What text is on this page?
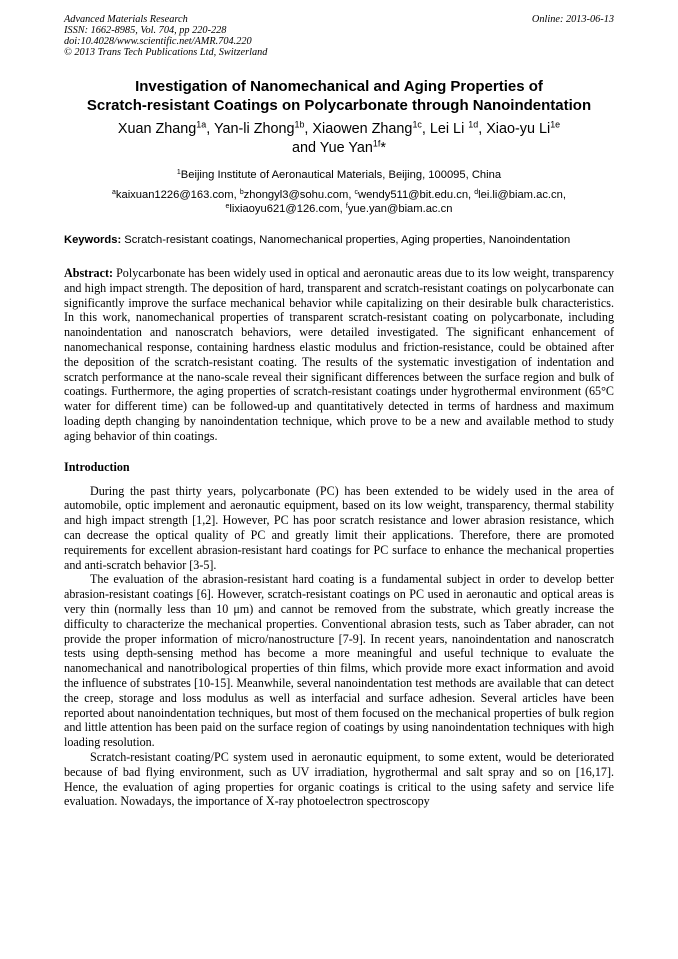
Advanced Materials Research
ISSN: 1662-8985, Vol. 704, pp 220-228
doi:10.4028/www.scientific.net/AMR.704.220
© 2013 Trans Tech Publications Ltd, Switzerland
Online: 2013-06-13
Investigation of Nanomechanical and Aging Properties of
Scratch-resistant Coatings on Polycarbonate through Nanoindentation
Xuan Zhang$^{1a}$, Yan-li Zhong$^{1b}$, Xiaowen Zhang$^{1c}$, Lei Li $^{1d}$, Xiao-yu $Li^{1e}$
and Yue Yan$^{1f}$*
$^1$Beijing Institute of Aeronautical Materials, Beijing, 100095, China
$^a$kaixuan1226@163.com, $^b$zhongyl3@sohu.com, $^c$wendy511@bit.edu.cn, $^d$lei.li@biam.ac.cn,
$^e$lixiaoyu621@126.com, $^f$yue.yan@biam.ac.cn
Keywords: Scratch-resistant coatings, Nanomechanical properties, Aging properties, Nanoindentation
Abstract: Polycarbonate has been widely used in optical and aeronautic areas due to its low weight, transparency and high impact strength. The deposition of hard, transparent and scratch-resistant coatings on polycarbonate can significantly improve the surface mechanical behavior while capitalizing on their desirable bulk characteristics. In this work, nanomechanical properties of transparent scratch-resistant coating on polycarbonate, including nanoindentation and nanoscratch behaviors, were detailed investigated. The significant enhancement of nanomechanical response, containing hardness elastic modulus and friction-resistance, could be obtained after the deposition of the scratch-resistant coating. The results of the systematic investigation of indentation and scratch performance at the nano-scale reveal their significant differences between the surface region and bulk of coatings. Furthermore, the aging properties of scratch-resistant coatings under hygrothermal environment (65°C water for different time) can be followed-up and quantitatively detected in terms of hardness and maximum loading depth changing by nanoindentation technique, which prove to be a new and available method to study aging behavior of thin coatings.
Introduction

During the past thirty years, polycarbonate (PC) has been extended to be widely used in the area of automobile, optic implement and aeronautic equipment, based on its low weight, transparency, thermal stability and high impact strength [1,2]. However, PC has poor scratch resistance and lower abrasion resistance, which can decrease the optical quality of PC and greatly limit their applications. Therefore, there are promoted requirements for excellent abrasion-resistant hard coatings for PC surface to enhance the mechanical properties and anti-scratch behavior [3-5].

The evaluation of the abrasion-resistant hard coating is a fundamental subject in order to develop better abrasion-resistant coatings [6]. However, scratch-resistant coatings on PC used in aeronautic and optical areas is very thin (normally less than 10 μm) and cannot be removed from the substrate, which greatly increase the difficulty to characterize the mechanical properties. Conventional abrasion tests, such as Taber abrader, can not provide the proper information of micro/nanostructure [7-9]. In recent years, nanoindentation and nanoscratch tests using depth-sensing method has become a more meaningful and useful technique to evaluate the nanomechanical and nanotribological properties of thin films, which provide more exact information and avoid the influence of substrates [10-15]. Meanwhile, several nanoindentation test methods are available that can detect the creep, storage and loss modulus as well as interfacial and surface adhesion. Several articles have been reported about nanoindentation techniques, but most of them focused on the mechanical properties of bulk region and little attention has been paid on the surface region of coatings by using nanoindentation techniques with high loading resolution.

Scratch-resistant coating/PC system used in aeronautic equipment, to some extent, would be deteriorated because of bad flying environment, such as UV irradiation, hygrothermal and salt spray and so on [16,17]. Hence, the evaluation of aging properties for organic coatings is critical to the using safety and service life evaluation. Nowadays, the importance of X-ray photoelectron spectroscopy
